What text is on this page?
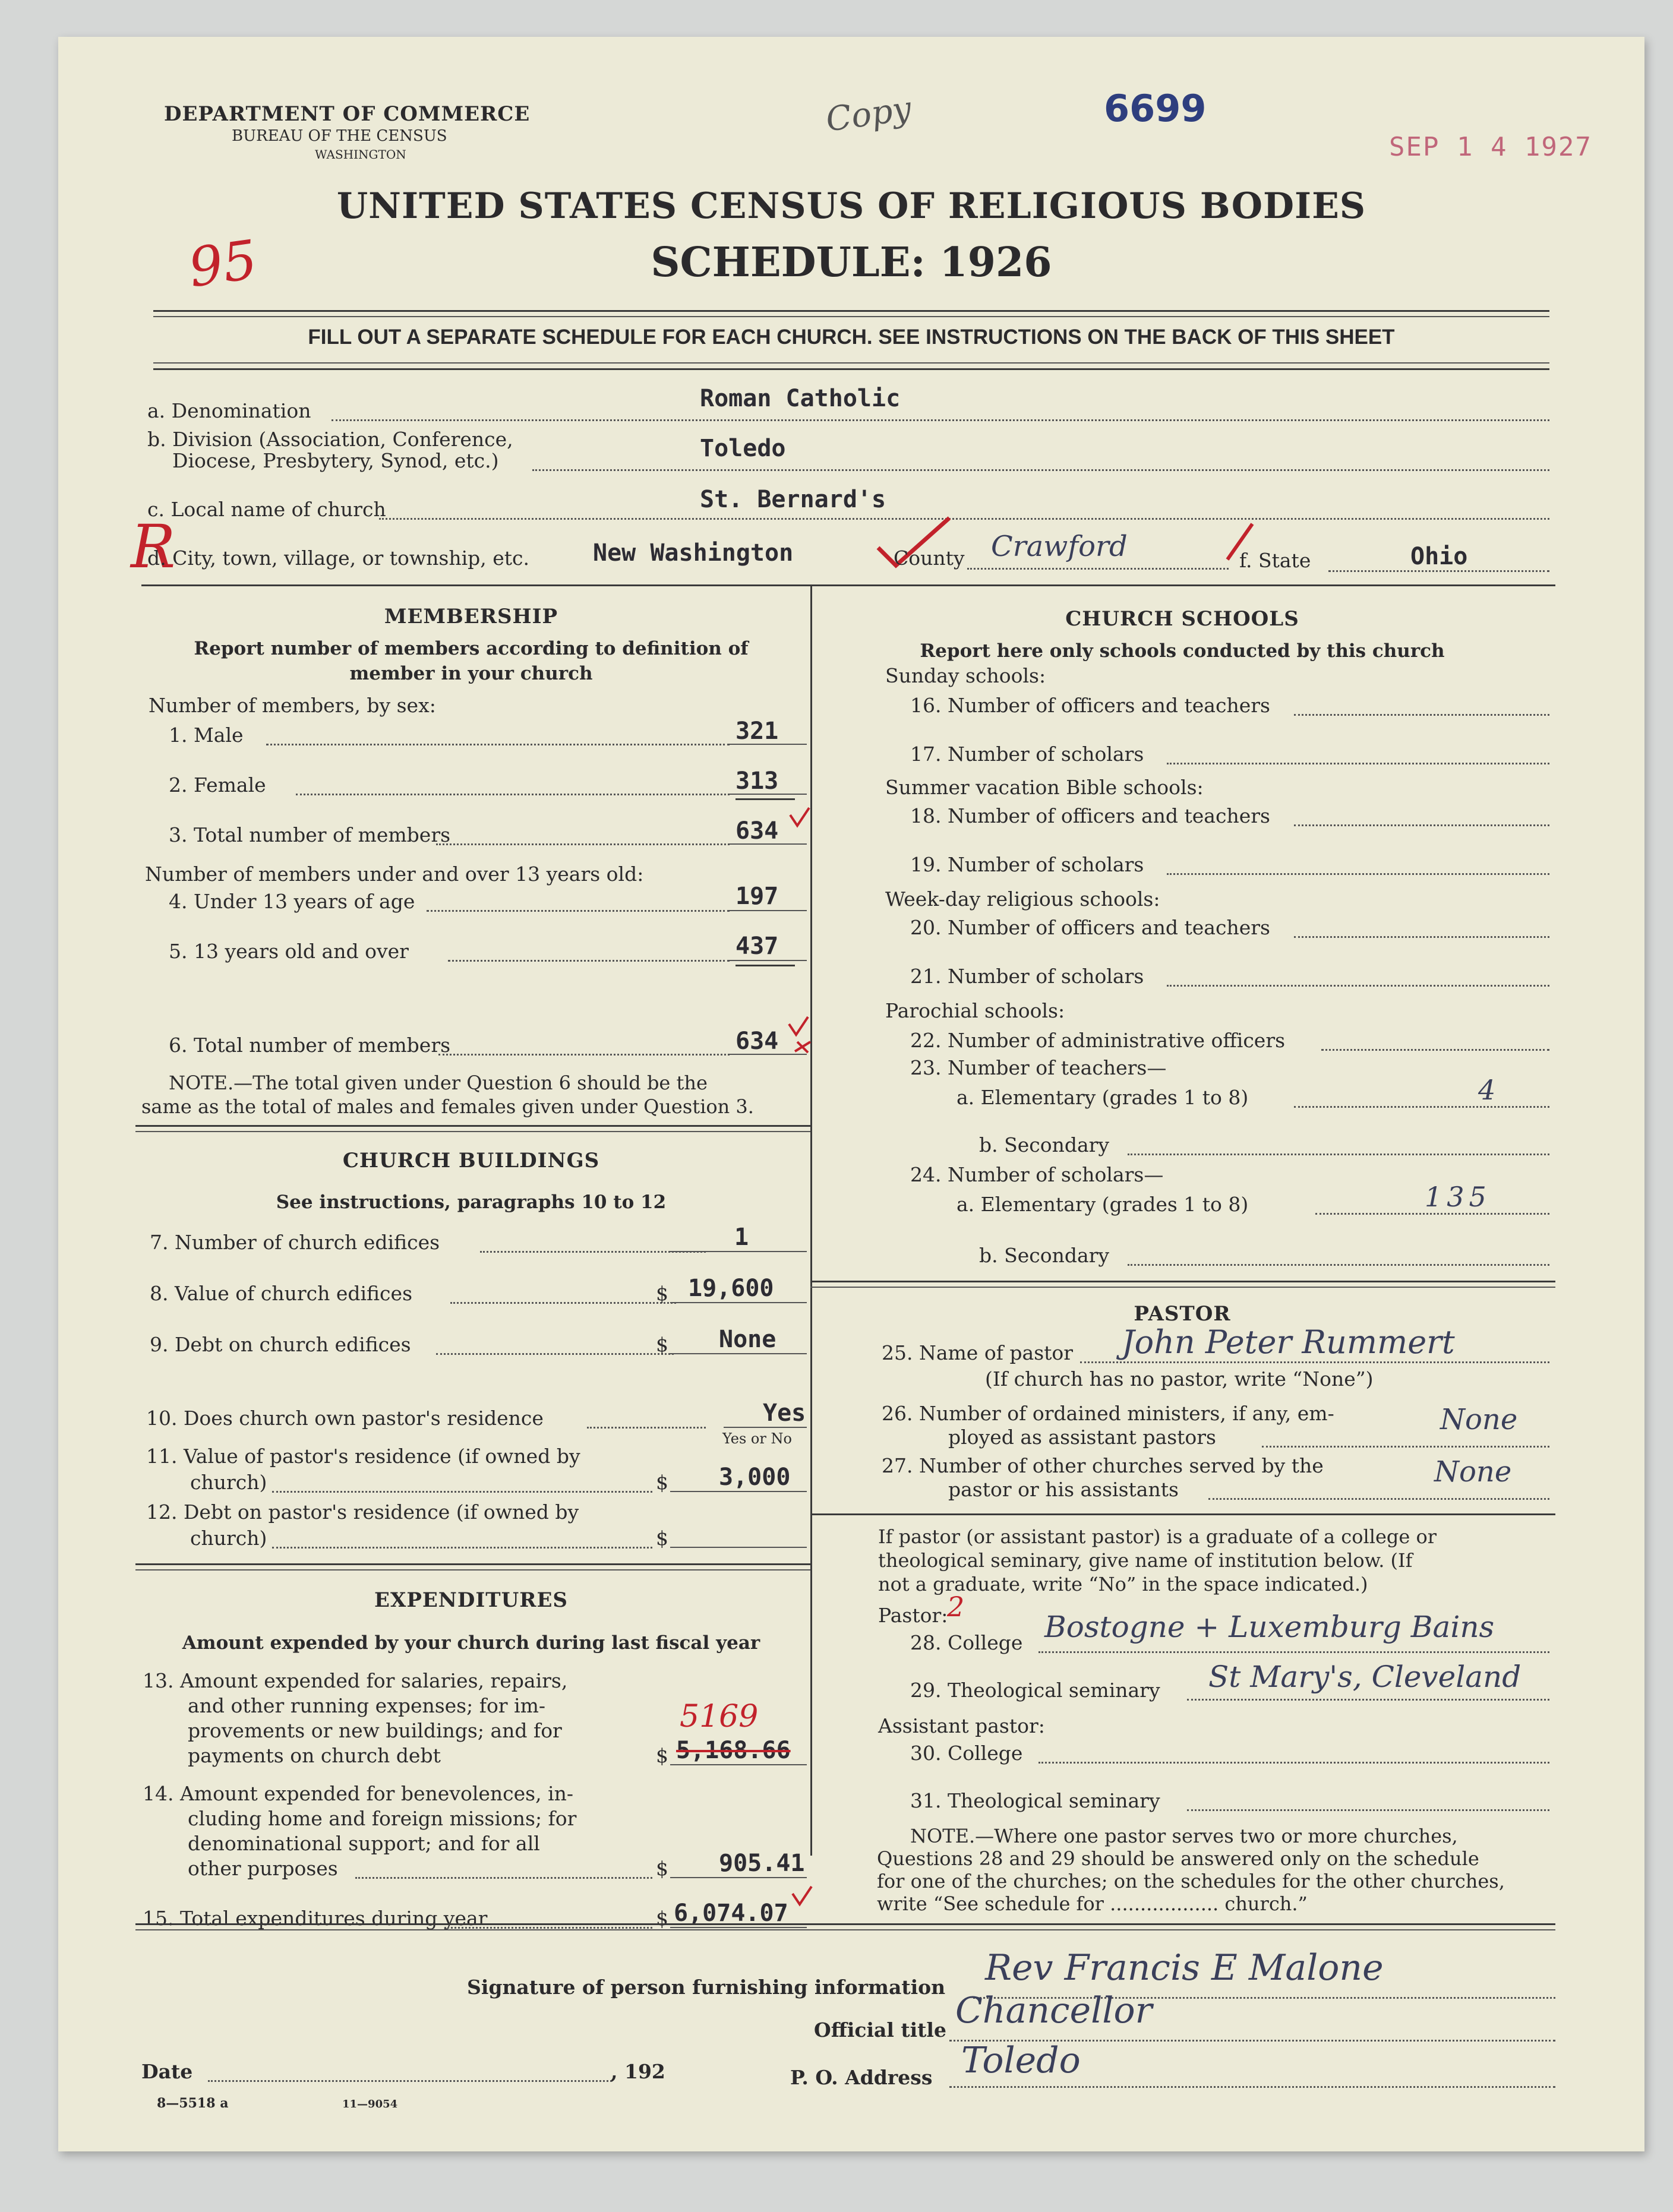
DEPARTMENT OF COMMERCE
BUREAU OF THE CENSUS
WASHINGTON
Copy	6699
SEP 1 4 1927
95
R
UNITED STATES CENSUS OF RELIGIOUS BODIES
SCHEDULE: 1926
FILL OUT A SEPARATE SCHEDULE FOR EACH CHURCH. SEE INSTRUCTIONS ON THE BACK OF THIS SHEET
a. Denomination	Roman Catholic
b. Division (Association, Conference,
Diocese, Presbytery, Synod, etc.)	Toledo
c. Local name of church	St. Bernard's
d. City, town, village, or township, etc.	New Washington	County Crawford	f. State	Ohio
MEMBERSHIP
Report number of members according to definition of
member in your church
Number of members, by sex:
1. Male	321
2. Female	313
3. Total number of members	634
Number of members under and over 13 years old:
4. Under 13 years of age	197
5. 13 years old and over	437
6. Total number of members	634
NOTE.—The total given under Question 6 should be the
same as the total of males and females given under Question 3.
CHURCH BUILDINGS
See instructions, paragraphs 10 to 12
7. Number of church edifices	1
8. Value of church edifices	$ 19,600
9. Debt on church edifices	$ None
10. Does church own pastor's residence	Yes
Yes or No
11. Value of pastor's residence (if owned by
church)	$ 3,000
12. Debt on pastor's residence (if owned by
church)	$
EXPENDITURES
Amount expended by your church during last fiscal year
13. Amount expended for salaries, repairs,
and other running expenses; for im-
provements or new buildings; and for
payments on church debt
5169
$ 5,168.66
14. Amount expended for benevolences, in-
cluding home and foreign missions; for
denominational support; and for all
other purposes	$ 905.41
15. Total expenditures during year	$ 6,074.07
CHURCH SCHOOLS
Report here only schools conducted by this church
Sunday schools:
16. Number of officers and teachers
17. Number of scholars
Summer vacation Bible schools:
18. Number of officers and teachers
19. Number of scholars
Week-day religious schools:
20. Number of officers and teachers
21. Number of scholars
Parochial schools:
22. Number of administrative officers
23. Number of teachers—
a. Elementary (grades 1 to 8)	4
b. Secondary
24. Number of scholars—
a. Elementary (grades 1 to 8)	135
b. Secondary
PASTOR
25. Name of pastor John Peter Rummert
(If church has no pastor, write “None”)
26. Number of ordained ministers, if any, em-
ployed as assistant pastors
None
27. Number of other churches served by the
pastor or his assistants
None
If pastor (or assistant pastor) is a graduate of a college or
theological seminary, give name of institution below. (If
not a graduate, write “No” in the space indicated.)
Pastor:
2
28. College Bostogne + Luxemburg Bains
29. Theological seminary St Mary's, Cleveland
Assistant pastor:
30. College
31. Theological seminary
NOTE.—Where one pastor serves two or more churches,
Questions 28 and 29 should be answered only on the schedule
for one of the churches; on the schedules for the other churches,
write “See schedule for .................. church.”
Signature of person furnishing information Rev Francis E Malone
Official title Chancellor
Date	, 192	P. O. Address Toledo
8—5518 a	11—9054
